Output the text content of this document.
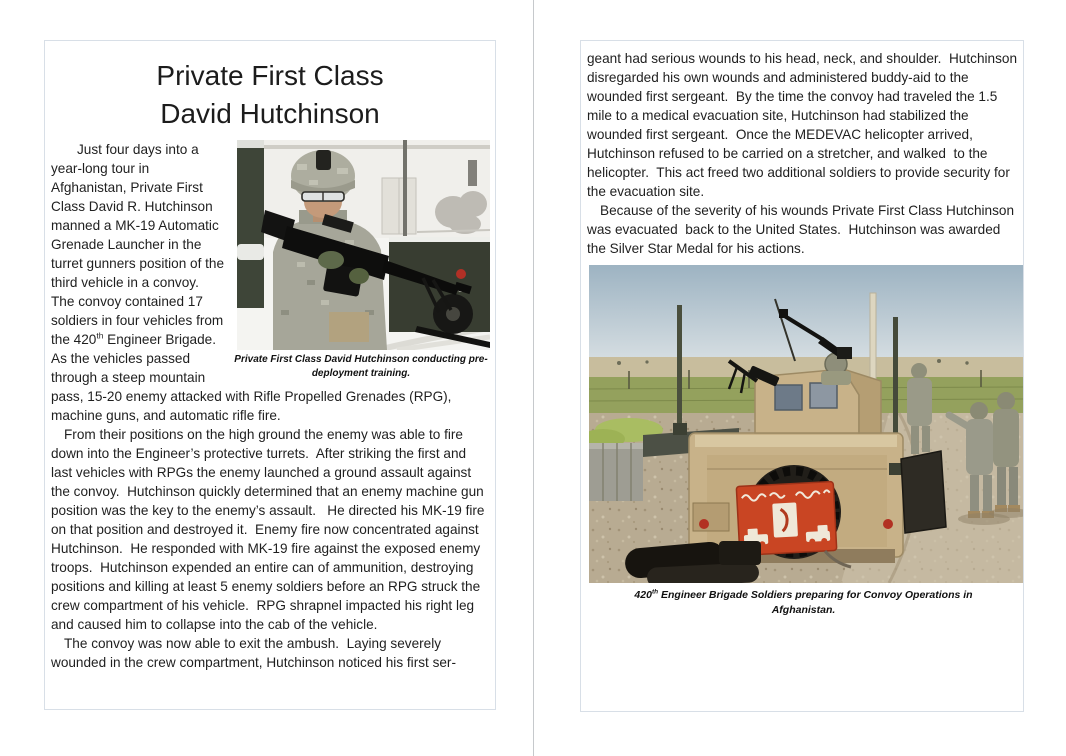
Private First Class
David Hutchinson
Private First Class David Hutchinson conducting pre-deployment training.

Just four days into a year-long tour in Afghanistan, Private First Class David R. Hutchinson manned a MK-19 Automatic Grenade Launcher in the turret gunners position of the third vehicle in a convoy.  The convoy contained 17 soldiers in four vehicles from the 420th Engineer Brigade.  As the vehicles passed through a steep mountain pass, 15-20 enemy attacked with Rifle Propelled Grenades (RPG), machine guns, and automatic rifle fire.

From their positions on the high ground the enemy was able to fire down into the Engineer’s protective turrets.  After striking the first and last vehicles with RPGs the enemy launched a ground assault against the convoy.  Hutchinson quickly determined that an enemy machine gun position was the key to the enemy’s assault.   He directed his MK-19 fire on that position and destroyed it.  Enemy fire now concentrated against Hutchinson.  He responded with MK-19 fire against the exposed enemy troops.  Hutchinson expended an entire can of ammunition, destroying positions and killing at least 5 enemy soldiers before an RPG struck the crew compartment of his vehicle.  RPG shrapnel impacted his right leg and caused him to collapse into the cab of the vehicle.

The convoy was now able to exit the ambush.  Laying severely wounded in the crew compartment, Hutchinson noticed his first ser-

geant had serious wounds to his head, neck, and shoulder.  Hutchinson disregarded his own wounds and administered buddy-aid to the wounded first sergeant.  By the time the convoy had traveled the 1.5 mile to a medical evacuation site, Hutchinson had stabilized the wounded first sergeant.  Once the MEDEVAC helicopter arrived, Hutchinson refused to be carried on a stretcher, and walked  to the helicopter.  This act freed two additional soldiers to provide security for the evacuation site.

Because of the severity of his wounds Private First Class Hutchinson was evacuated  back to the United States.  Hutchinson was awarded the Silver Star Medal for his actions.

420th Engineer Brigade Soldiers preparing for Convoy Operations in Afghanistan.
